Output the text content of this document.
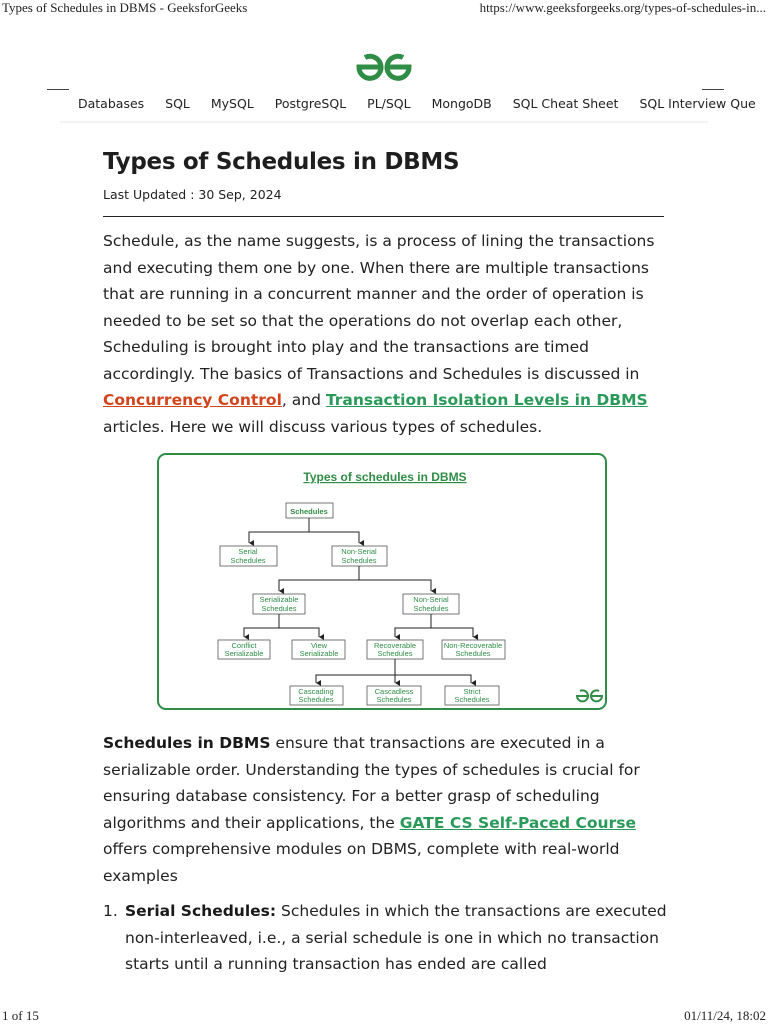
Types of Schedules in DBMS - GeeksforGeeks	https://www.geeksforgeeks.org/types-of-schedules-in...
Databases SQL MySQL PostgreSQL PL/SQL MongoDB SQL Cheat Sheet SQL Interview Que
Types of Schedules in DBMS
Last Updated : 30 Sep, 2024

Schedule, as the name suggests, is a process of lining the transactions and executing them one by one. When there are multiple transactions that are running in a concurrent manner and the order of operation is needed to be set so that the operations do not overlap each other, Scheduling is brought into play and the transactions are timed accordingly. The basics of Transactions and Schedules is discussed in Concurrency Control, and Transaction Isolation Levels in DBMS articles. Here we will discuss various types of schedules.

Types of schedules in DBMS
Schedules
Serial
Schedules
Non-Serial
Schedules
Serializable
Schedules
Non-Serial
Schedules
Conflict
Serializable
View
Serializable
Recoverable
Schedules
Non-Recoverable
Schedules
Cascading
Schedules
Cascadless
Schedules
Strict
Schedules

Schedules in DBMS ensure that transactions are executed in a serializable order. Understanding the types of schedules is crucial for ensuring database consistency. For a better grasp of scheduling algorithms and their applications, the GATE CS Self-Paced Course offers comprehensive modules on DBMS, complete with real-world examples

1. Serial Schedules: Schedules in which the transactions are executed non-interleaved, i.e., a serial schedule is one in which no transaction starts until a running transaction has ended are called
1 of 15	01/11/24, 18:02
